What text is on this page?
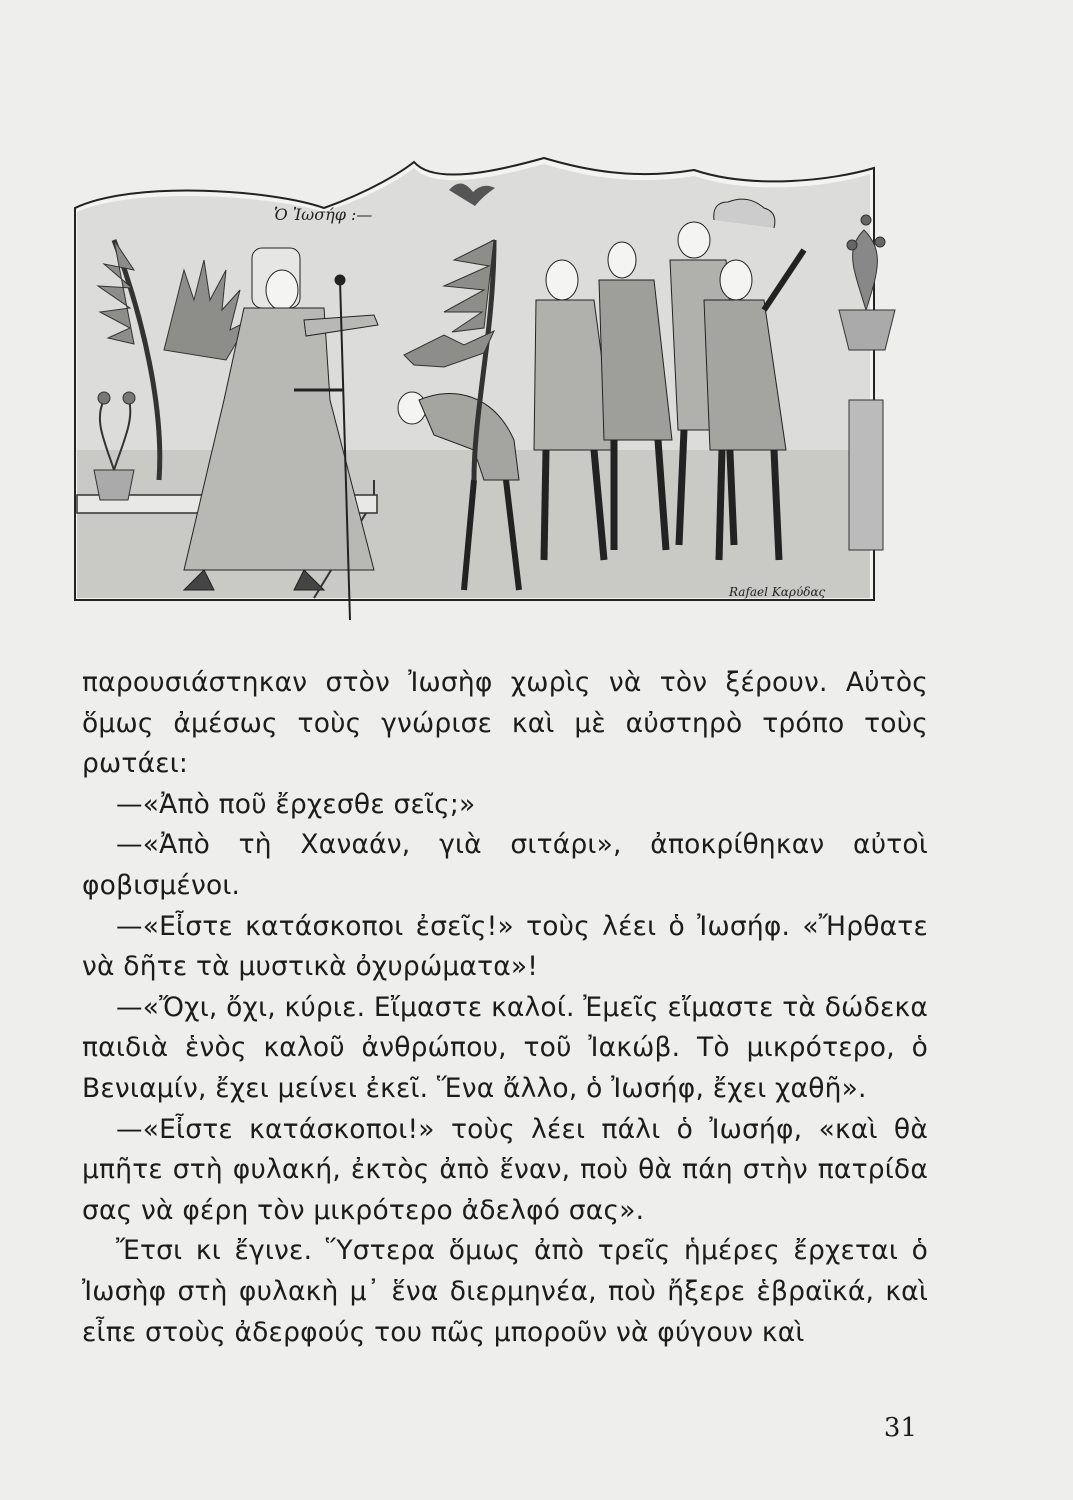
Ὁ Ἰωσήφ :—
Rafael Καρύδας

παρουσιάστηκαν στὸν Ἰωσὴφ χωρὶς νὰ τὸν ξέρουν. Αὐτὸς ὅμως ἀμέσως τοὺς γνώρισε καὶ μὲ αὐστηρὸ τρόπο τοὺς ρωτάει:

—«Ἀπὸ ποῦ ἔρχεσθε σεῖς;»

—«Ἀπὸ τὴ Χαναάν, γιὰ σιτάρι», ἀποκρίθηκαν αὐτοὶ φοβισμένοι.

—«Εἶστε κατάσκοποι ἐσεῖς!» τοὺς λέει ὁ Ἰωσήφ. «Ἤρθατε νὰ δῆτε τὰ μυστικὰ ὀχυρώματα»!

—«Ὄχι, ὄχι, κύριε. Εἴμαστε καλοί. Ἐμεῖς εἴμαστε τὰ δώδεκα παιδιὰ ἑνὸς καλοῦ ἀνθρώπου, τοῦ Ἰακώβ. Τὸ μικρότερο, ὁ Βενιαμίν, ἔχει μείνει ἐκεῖ. Ἕνα ἄλλο, ὁ Ἰωσήφ, ἔχει χαθῆ».

—«Εἶστε κατάσκοποι!» τοὺς λέει πάλι ὁ Ἰωσήφ, «καὶ θὰ μπῆτε στὴ φυλακή, ἐκτὸς ἀπὸ ἕναν, ποὺ θὰ πάη στὴν πατρίδα σας νὰ φέρη τὸν μικρότερο ἀδελφό σας».

Ἔτσι κι ἔγινε. Ὕστερα ὅμως ἀπὸ τρεῖς ἡμέρες ἔρχεται ὁ Ἰωσὴφ στὴ φυλακὴ μ᾿ ἕνα διερμηνέα, ποὺ ἤξερε ἑβραϊκά, καὶ εἶπε στοὺς ἀδερφούς του πῶς μποροῦν νὰ φύγουν καὶ

31
